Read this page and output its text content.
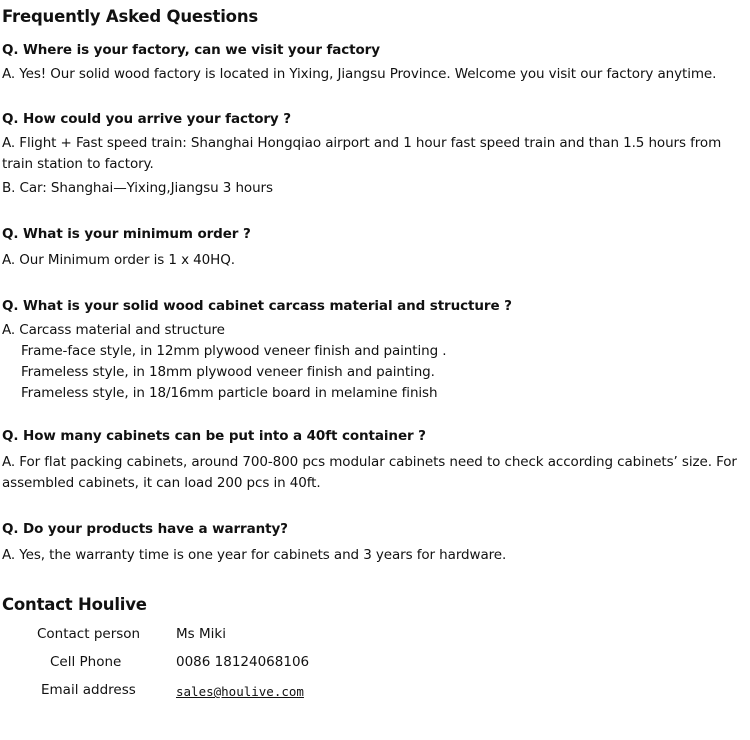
Frequently Asked Questions
Q. Where is your factory, can we visit your factory
A. Yes! Our solid wood factory is located in Yixing, Jiangsu Province. Welcome you visit our factory anytime.
Q. How could you arrive your factory ?
A. Flight + Fast speed train: Shanghai Hongqiao airport and 1 hour fast speed train and than 1.5 hours from train station to factory.
B. Car: Shanghai—Yixing,Jiangsu 3 hours
Q. What is your minimum order ?
A. Our Minimum order is 1 x 40HQ.
Q. What is your solid wood cabinet carcass material and structure ?
A. Carcass material and structure
Frame-face style, in 12mm plywood veneer finish and painting .
Frameless style, in 18mm plywood veneer finish and painting.
Frameless style, in 18/16mm particle board in melamine finish
Q. How many cabinets can be put into a 40ft container ?
A. For flat packing cabinets, around 700-800 pcs modular cabinets need to check according cabinets’ size. For assembled cabinets, it can load 200 pcs in 40ft.
Q. Do your products have a warranty?
A. Yes, the warranty time is one year for cabinets and 3 years for hardware.
Contact Houlive
Contact person	Ms Miki
Cell Phone	0086 18124068106
Email address	sales@houlive.com
